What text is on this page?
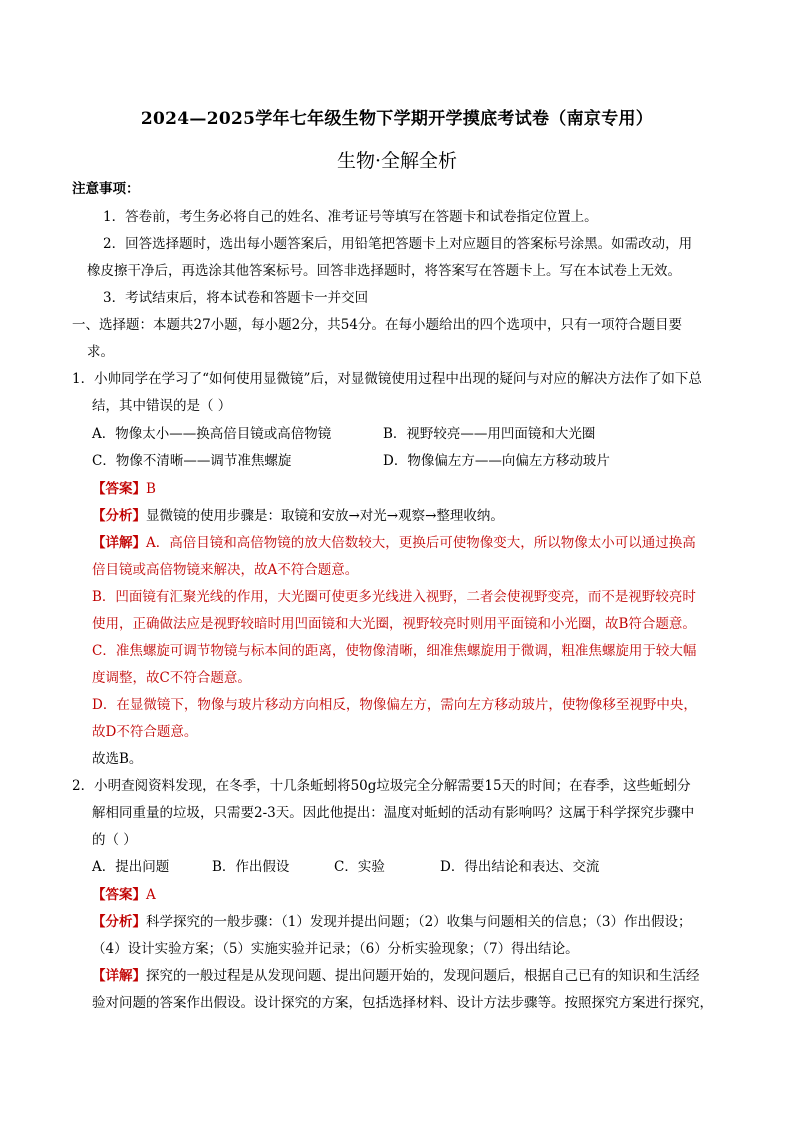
2024—2025学年七年级生物下学期开学摸底考试卷（南京专用）
生物·全解全析
注意事项：
1．答卷前，考生务必将自己的姓名、准考证号等填写在答题卡和试卷指定位置上。
2．回答选择题时，选出每小题答案后，用铅笔把答题卡上对应题目的答案标号涂黑。如需改动，用
橡皮擦干净后，再选涂其他答案标号。回答非选择题时，将答案写在答题卡上。写在本试卷上无效。
3．考试结束后，将本试卷和答题卡一并交回
一、选择题：本题共27小题，每小题2分，共54分。在每小题给出的四个选项中，只有一项符合题目要
求。
1．小帅同学在学习了“如何使用显微镜”后，对显微镜使用过程中出现的疑问与对应的解决方法作了如下总
结，其中错误的是（ ）
A．物像太小——换高倍目镜或高倍物镜	B．视野较亮——用凹面镜和大光圈
C．物像不清晰——调节准焦螺旋	D．物像偏左方——向偏左方移动玻片
【答案】B
【分析】显微镜的使用步骤是：取镜和安放→对光→观察→整理收纳。
【详解】A．高倍目镜和高倍物镜的放大倍数较大，更换后可使物像变大，所以物像太小可以通过换高
倍目镜或高倍物镜来解决，故A不符合题意。
B．凹面镜有汇聚光线的作用，大光圈可使更多光线进入视野，二者会使视野变亮，而不是视野较亮时
使用，正确做法应是视野较暗时用凹面镜和大光圈，视野较亮时则用平面镜和小光圈，故B符合题意。
C．准焦螺旋可调节物镜与标本间的距离，使物像清晰，细准焦螺旋用于微调，粗准焦螺旋用于较大幅
度调整，故C不符合题意。
D．在显微镜下，物像与玻片移动方向相反，物像偏左方，需向左方移动玻片，使物像移至视野中央，
故D不符合题意。
故选B。
2．小明查阅资料发现，在冬季，十几条蚯蚓将50g垃圾完全分解需要15天的时间；在春季，这些蚯蚓分
解相同重量的垃圾，只需要2-3天。因此他提出：温度对蚯蚓的活动有影响吗？这属于科学探究步骤中
的（ ）
A．提出问题	B．作出假设	C．实验	D．得出结论和表达、交流
【答案】A
【分析】科学探究的一般步骤：（1）发现并提出问题；（2）收集与问题相关的信息；（3）作出假设；
（4）设计实验方案；（5）实施实验并记录；（6）分析实验现象；（7）得出结论。
【详解】探究的一般过程是从发现问题、提出问题开始的，发现问题后，根据自己已有的知识和生活经
验对问题的答案作出假设。设计探究的方案，包括选择材料、设计方法步骤等。按照探究方案进行探究，
